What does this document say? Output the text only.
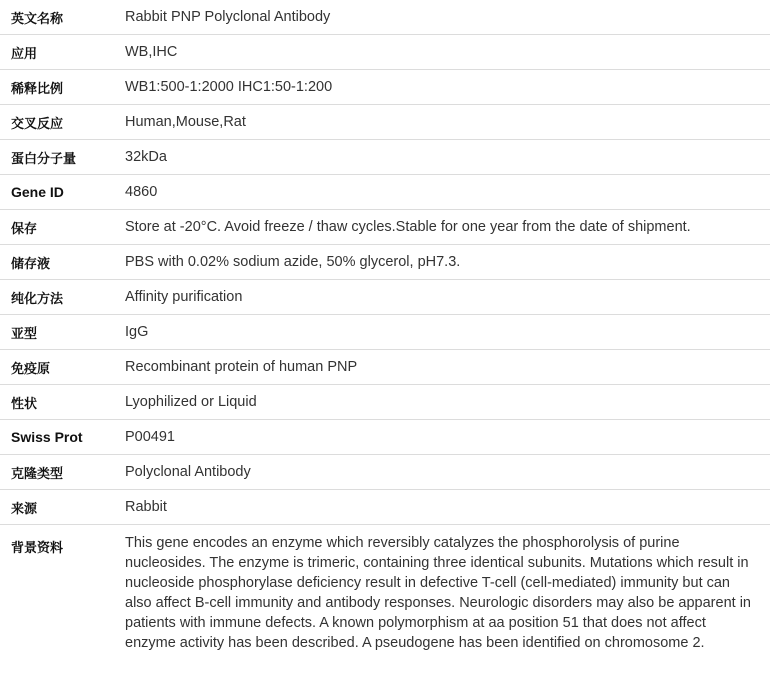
英文名称	Rabbit PNP Polyclonal Antibody
应用	WB,IHC
稀释比例	WB1:500-1:2000 IHC1:50-1:200
交叉反应	Human,Mouse,Rat
蛋白分子量	32kDa
Gene ID	4860
保存	Store at -20°C. Avoid freeze / thaw cycles.Stable for one year from the date of shipment.
储存液	PBS with 0.02% sodium azide, 50% glycerol, pH7.3.
纯化方法	Affinity purification
亚型	IgG
免疫原	Recombinant protein of human PNP
性状	Lyophilized or Liquid
Swiss Prot	P00491
克隆类型	Polyclonal Antibody
来源	Rabbit
背景资料	This gene encodes an enzyme which reversibly catalyzes the phosphorolysis of purine nucleosides. The enzyme is trimeric, containing three identical subunits. Mutations which result in nucleoside phosphorylase deficiency result in defective T-cell (cell-mediated) immunity but can also affect B-cell immunity and antibody responses. Neurologic disorders may also be apparent in patients with immune defects. A known polymorphism at aa position 51 that does not affect enzyme activity has been described. A pseudogene has been identified on chromosome 2.
